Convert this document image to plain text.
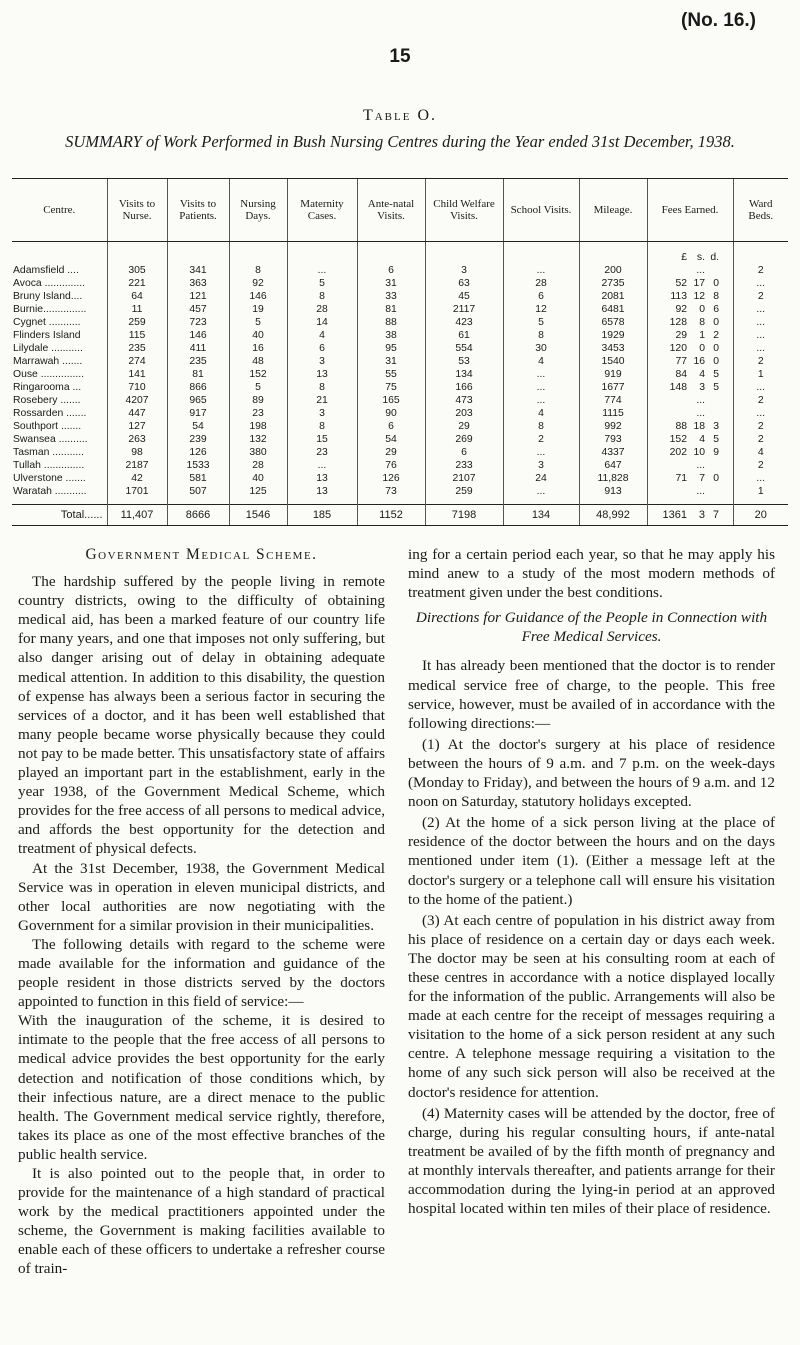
(No. 16.)
15
Table O.
SUMMARY of Work Performed in Bush Nursing Centres during the Year ended 31st December, 1938.
Centre.	Visits to Nurse.	Visits to Patients.	Nursing Days.	Maternity Cases.	Ante-natal Visits.	Child Welfare Visits.	School Visits.	Mileage.	Fees Earned.	Ward Beds.
									£ s. d.	
Adamsfield ....	305	341	8	...	6	3	...	200	...	2
Avoca ..............	221	363	92	5	31	63	28	2735	52 17 0	...
Bruny Island....	64	121	146	8	33	45	6	2081	113 12 8	2
Burnie...............	11	457	19	28	81	2117	12	6481	92 0 6	...
Cygnet ...........	259	723	5	14	88	423	5	6578	128 8 0	...
Flinders Island	115	146	40	4	38	61	8	1929	29 1 2	...
Lilydale ...........	235	411	16	6	95	554	30	3453	120 0 0	...
Marrawah .......	274	235	48	3	31	53	4	1540	77 16 0	2
Ouse ...............	141	81	152	13	55	134	...	919	84 4 5	1
Ringarooma ...	710	866	5	8	75	166	...	1677	148 3 5	...
Rosebery .......	4207	965	89	21	165	473	...	774	...	2
Rossarden .......	447	917	23	3	90	203	4	1115	...	...
Southport .......	127	54	198	8	6	29	8	992	88 18 3	2
Swansea ..........	263	239	132	15	54	269	2	793	152 4 5	2
Tasman ...........	98	126	380	23	29	6	...	4337	202 10 9	4
Tullah ..............	2187	1533	28	...	76	233	3	647	...	2
Ulverstone .......	42	581	40	13	126	2107	24	11,828	71 7 0	...
Waratah ...........	1701	507	125	13	73	259	...	913	...	1

Total......	11,407	8666	1546	185	1152	7198	134	48,992	1361 3 7	20
Government Medical Scheme.

The hardship suffered by the people living in remote country districts, owing to the difficulty of obtaining medical aid, has been a marked feature of our country life for many years, and one that imposes not only suffering, but also danger arising out of delay in obtaining adequate medical attention. In addition to this disability, the question of expense has always been a serious factor in securing the services of a doctor, and it has been well established that many people became worse physically because they could not pay to be made better. This unsatisfactory state of affairs played an important part in the establishment, early in the year 1938, of the Government Medical Scheme, which provides for the free access of all persons to medical advice, and affords the best opportunity for the detection and treatment of physical defects.

At the 31st December, 1938, the Government Medical Service was in operation in eleven municipal districts, and other local authorities are now negotiating with the Government for a similar provision in their municipalities.

The following details with regard to the scheme were made available for the information and guidance of the people resident in those districts served by the doctors appointed to function in this field of service:—

With the inauguration of the scheme, it is desired to intimate to the people that the free access of all persons to medical advice provides the best opportunity for the early detection and notification of those conditions which, by their infectious nature, are a direct menace to the public health. The Government medical service rightly, therefore, takes its place as one of the most effective branches of the public health service.

It is also pointed out to the people that, in order to provide for the maintenance of a high standard of practical work by the medical practitioners appointed under the scheme, the Government is making facilities available to enable each of these officers to undertake a refresher course of train-

ing for a certain period each year, so that he may apply his mind anew to a study of the most modern methods of treatment given under the best conditions.

Directions for Guidance of the People in Connection with Free Medical Services.

It has already been mentioned that the doctor is to render medical service free of charge, to the people. This free service, however, must be availed of in accordance with the following directions:—

(1) At the doctor's surgery at his place of residence between the hours of 9 a.m. and 7 p.m. on the week-days (Monday to Friday), and between the hours of 9 a.m. and 12 noon on Saturday, statutory holidays excepted.

(2) At the home of a sick person living at the place of residence of the doctor between the hours and on the days mentioned under item (1). (Either a message left at the doctor's surgery or a telephone call will ensure his visitation to the home of the patient.)

(3) At each centre of population in his district away from his place of residence on a certain day or days each week. The doctor may be seen at his consulting room at each of these centres in accordance with a notice displayed locally for the information of the public. Arrangements will also be made at each centre for the receipt of messages requiring a visitation to the home of a sick person resident at any such centre. A telephone message requiring a visitation to the home of any such sick person will also be received at the doctor's residence for attention.

(4) Maternity cases will be attended by the doctor, free of charge, during his regular consulting hours, if ante-natal treatment be availed of by the fifth month of pregnancy and at monthly intervals thereafter, and patients arrange for their accommodation during the lying-in period at an approved hospital located within ten miles of their place of residence.
